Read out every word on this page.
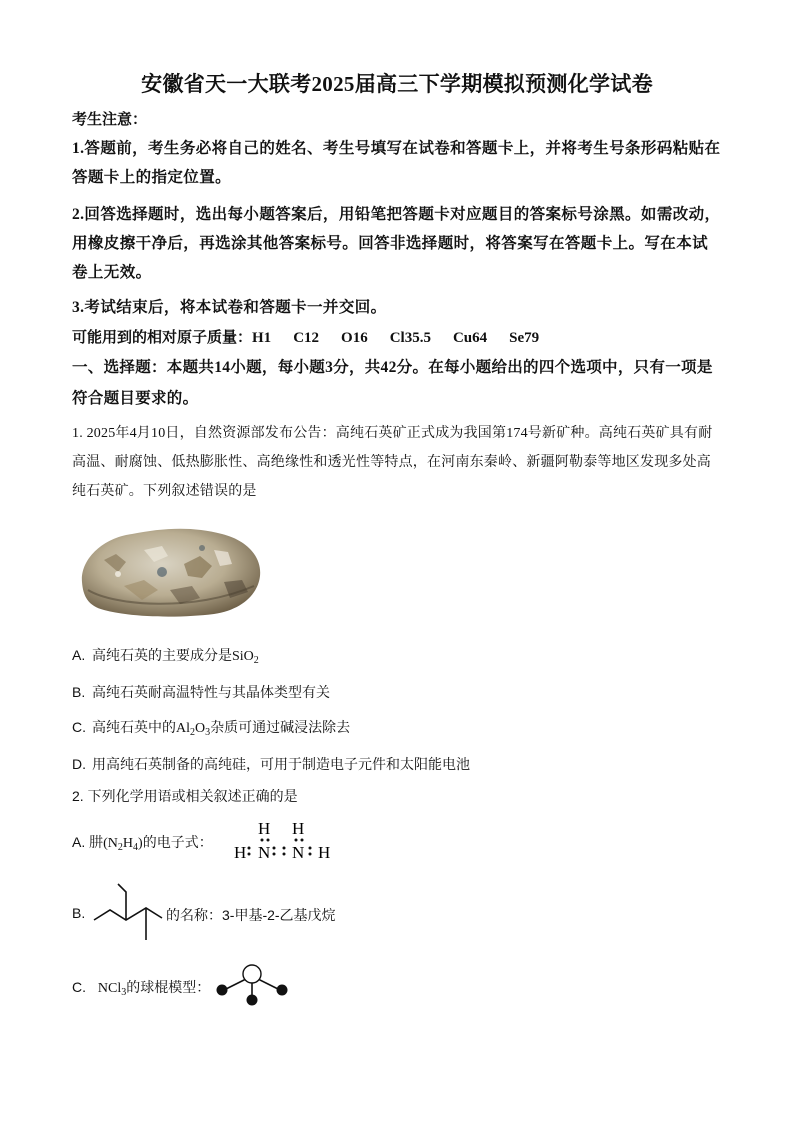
安徽省天一大联考2025届高三下学期模拟预测化学试卷
考生注意：
1.答题前，考生务必将自己的姓名、考生号填写在试卷和答题卡上，并将考生号条形码粘贴在答题卡上的指定位置。
2.回答选择题时，选出每小题答案后，用铅笔把答题卡对应题目的答案标号涂黑。如需改动，用橡皮擦干净后，再选涂其他答案标号。回答非选择题时，将答案写在答题卡上。写在本试卷上无效。
3.考试结束后，将本试卷和答题卡一并交回。
可能用到的相对原子质量：H1 C12 O16 Cl35.5 Cu64 Se79
一、选择题：本题共14小题，每小题3分，共42分。在每小题给出的四个选项中，只有一项是符合题目要求的。
1. 2025年4月10日，自然资源部发布公告：高纯石英矿正式成为我国第174号新矿种。高纯石英矿具有耐高温、耐腐蚀、低热膨胀性、高绝缘性和透光性等特点，在河南东秦岭、新疆阿勒泰等地区发现多处高纯石英矿。下列叙述错误的是
A. 高纯石英的主要成分是SiO$_2$
B. 高纯石英耐高温特性与其晶体类型有关
C. 高纯石英中的$Al_2O_3$杂质可通过碱浸法除去
D. 用高纯石英制备的高纯硅，可用于制造电子元件和太阳能电池
2. 下列化学用语或相关叙述正确的是
A. 肼$(N_2H_4)$的电子式：
H H
H N N H
B.	的名称：3-甲基-2-乙基戊烷
C. NCl$_3$的球棍模型：
